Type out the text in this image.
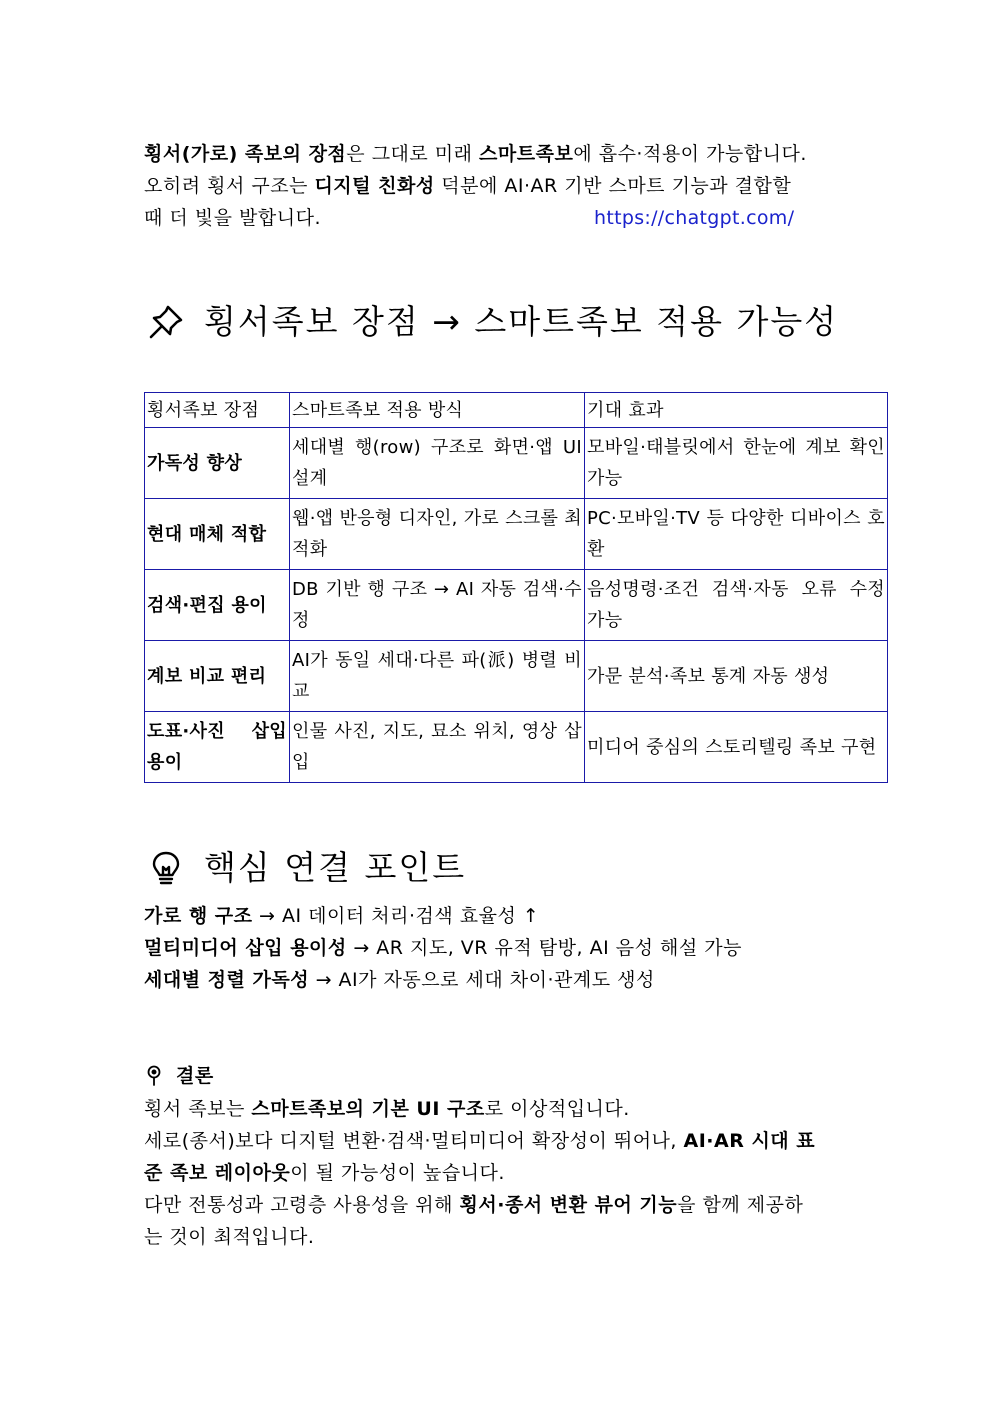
횡서(가로) 족보의 장점은 그대로 미래 스마트족보에 흡수·적용이 가능합니다.
오히려 횡서 구조는 디지털 친화성 덕분에 AI·AR 기반 스마트 기능과 결합할
때 더 빛을 발합니다.	https://chatgpt.com/
횡서족보 장점 → 스마트족보 적용 가능성
횡서족보 장점	스마트족보 적용 방식	기대 효과
가독성 향상	세대별 행(row) 구조로 화면·앱 UI 설계	모바일·태블릿에서 한눈에 계보 확인 가능
현대 매체 적합	웹·앱 반응형 디자인, 가로 스크롤 최적화	PC·모바일·TV 등 다양한 디바이스 호환
검색·편집 용이	DB 기반 행 구조 → AI 자동 검색·수정	음성명령·조건 검색·자동 오류 수정 가능
계보 비교 편리	AI가 동일 세대·다른 파(派) 병렬 비교	가문 분석·족보 통계 자동 생성
도표·사진 삽입 용이	인물 사진, 지도, 묘소 위치, 영상 삽입	미디어 중심의 스토리텔링 족보 구현
핵심 연결 포인트
가로 행 구조 → AI 데이터 처리·검색 효율성 ↑
멀티미디어 삽입 용이성 → AR 지도, VR 유적 탐방, AI 음성 해설 가능
세대별 정렬 가독성 → AI가 자동으로 세대 차이·관계도 생성
결론
횡서 족보는 스마트족보의 기본 UI 구조로 이상적입니다.
세로(종서)보다 디지털 변환·검색·멀티미디어 확장성이 뛰어나, AI·AR 시대 표
준 족보 레이아웃이 될 가능성이 높습니다.
다만 전통성과 고령층 사용성을 위해 횡서·종서 변환 뷰어 기능을 함께 제공하
는 것이 최적입니다.
